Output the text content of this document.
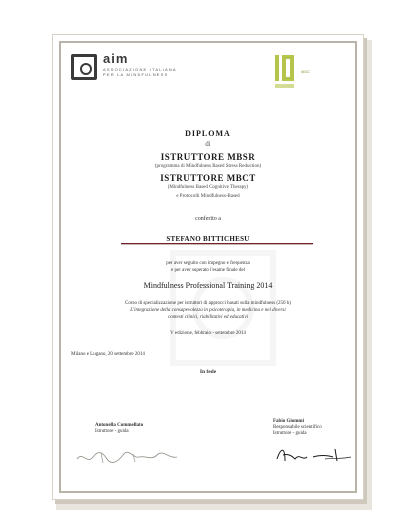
aim
ASSOCIAZIONE ITALIANA PER LA MINDFULNESS
#IDC
DIPLOMA
di
ISTRUTTORE MBSR
(programma di Mindfulness Based Stress Reduction)
ISTRUTTORE MBCT
(Mindfulness Based Cognitive Therapy)
e Protocolli Mindfulness-Based
conferito a
STEFANO BITTICHESU
per aver seguito con impegno e frequenza
e per aver superato l'esame finale del
Mindfulness Professional Training 2014
Corso di specializzazione per istruttori di approcci basati sulla mindfulness (250 h)
L'integrazione della consapevolezza in psicoterapia, in medicina e nei diversi
contesti clinici, riabilitativi ed educativi
V edizione, febbraio - settembre 2014
Milano e Lugano, 20 settembre 2014
In fede
Antonella Commellato
Istruttore - guida
Fabio Giommi
Responsabile scientifico
Istruttore - guida
